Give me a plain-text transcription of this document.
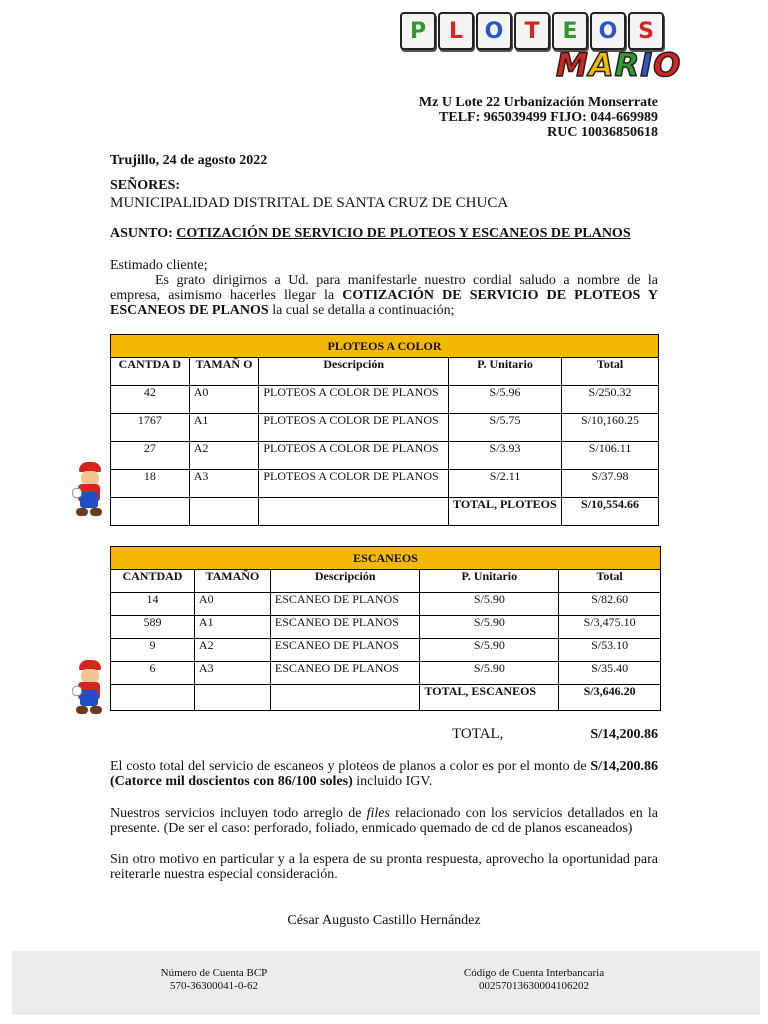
P	L O T	E O S
MARIO
Mz U Lote 22 Urbanización Monserrate
TELF: 965039499 FIJO: 044-669989
RUC 10036850618
Trujillo, 24 de agosto 2022
SEÑORES:
MUNICIPALIDAD DISTRITAL DE SANTA CRUZ DE CHUCA
ASUNTO: COTIZACIÓN DE SERVICIO DE PLOTEOS Y ESCANEOS DE PLANOS
Estimado cliente;
Es grato dirigirnos a Ud. para manifestarle nuestro cordial saludo a nombre de la empresa, asimismo hacerles llegar la COTIZACIÓN DE SERVICIO DE PLOTEOS Y ESCANEOS DE PLANOS la cual se detalla a continuación;
PLOTEOS A COLOR				
CANTDA D	TAMAÑ O	Descripción	P. Unitario	Total
42	A0	PLOTEOS A COLOR DE PLANOS	S/5.96	S/250.32
1767	A1	PLOTEOS A COLOR DE PLANOS	S/5.75	S/10,160.25
27	A2	PLOTEOS A COLOR DE PLANOS	S/3.93	S/106.11
18	A3	PLOTEOS A COLOR DE PLANOS	S/2.11	S/37.98
			TOTAL, PLOTEOS	S/10,554.66
ESCANEOS				
CANTDAD	TAMAÑO	Descripción	P. Unitario	Total
14	A0	ESCANEO DE PLANOS	S/5.90	S/82.60
589	A1	ESCANEO DE PLANOS	S/5.90	S/3,475.10
9	A2	ESCANEO DE PLANOS	S/5.90	S/53.10
6	A3	ESCANEO DE PLANOS	S/5.90	S/35.40
			TOTAL, ESCANEOS	S/3,646.20
TOTAL,	S/14,200.86
El costo total del servicio de escaneos y ploteos de planos a color es por el monto de S/14,200.86 (Catorce mil doscientos con 86/100 soles) incluido IGV.
Nuestros servicios incluyen todo arreglo de files relacionado con los servicios detallados en la presente. (De ser el caso: perforado, foliado, enmicado quemado de cd de planos escaneados)
Sin otro motivo en particular y a la espera de su pronta respuesta, aprovecho la oportunidad para reiterarle nuestra especial consideración.
César Augusto Castillo Hernández
Número de Cuenta BCP
570-36300041-0-62
Código de Cuenta Interbancaria
00257013630004106202
